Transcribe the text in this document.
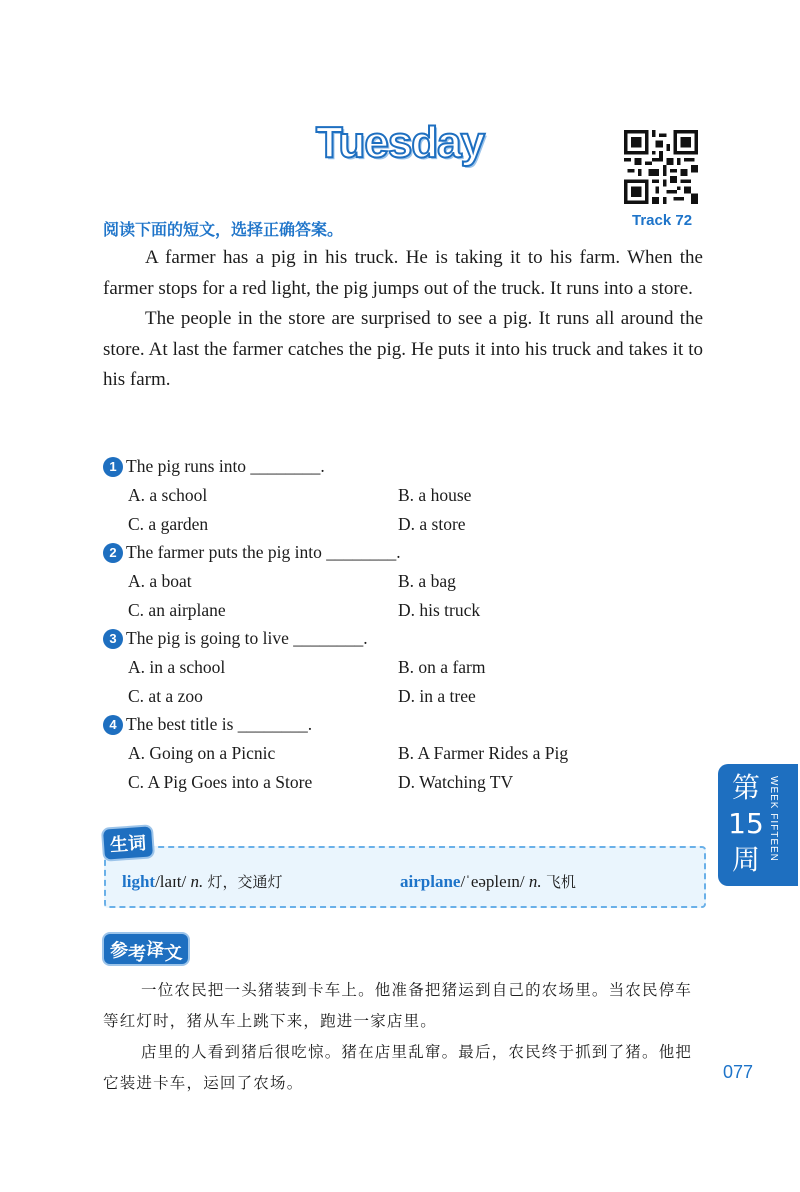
Tuesday
Track 72
阅读下面的短文，选择正确答案。

A farmer has a pig in his truck. He is taking it to his farm. When the farmer stops for a red light, the pig jumps out of the truck. It runs into a store.

The people in the store are surprised to see a pig. It runs all around the store. At last the farmer catches the pig. He puts it into his truck and takes it to his farm.

1 The pig runs into ________.
A. a school	B. a house
C. a garden	D. a store
2 The farmer puts the pig into ________.
A. a boat	B. a bag
C. an airplane	D. his truck
3 The pig is going to live ________.
A. in a school	B. on a farm
C. at a zoo	D. in a tree
4 The best title is ________.
A. Going on a Picnic	B. A Farmer Rides a Pig
C. A Pig Goes into a Store	D. Watching TV
生词
light/laɪt/ n. 灯，交通灯	airplane/ˈeəpleɪn/ n. 飞机
参考译文

一位农民把一头猪装到卡车上。他准备把猪运到自己的农场里。当农民停车等红灯时，猪从车上跳下来，跑进一家店里。

店里的人看到猪后很吃惊。猪在店里乱窜。最后，农民终于抓到了猪。他把它装进卡车，运回了农场。

第15周 WEEK FIFTEEN
077
